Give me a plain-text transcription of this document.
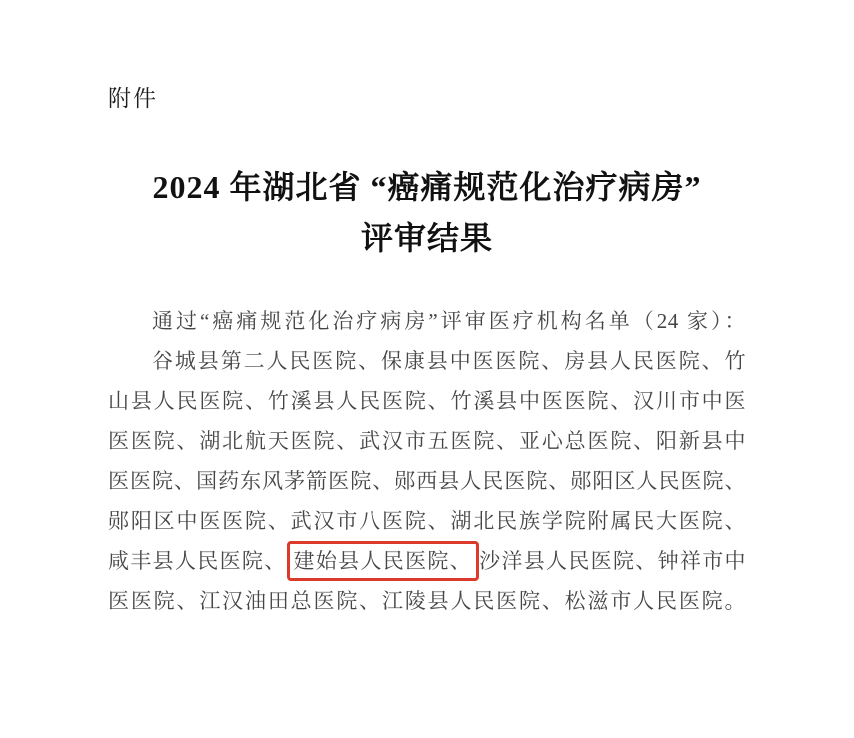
附件
2024 年湖北省 “癌痛规范化治疗病房”
评审结果
通过“癌痛规范化治疗病房”评审医疗机构名单（24 家）：
谷城县第二人民医院、保康县中医医院、房县人民医院、竹
山县人民医院、竹溪县人民医院、竹溪县中医医院、汉川市中医
医医院、湖北航天医院、武汉市五医院、亚心总医院、阳新县中
医医院、国药东风茅箭医院、郧西县人民医院、郧阳区人民医院、
郧阳区中医医院、武汉市八医院、湖北民族学院附属民大医院、
咸丰县人民医院、 建始县人民医院、 沙洋县人民医院、钟祥市中
医医院、江汉油田总医院、江陵县人民医院、松滋市人民医院。
